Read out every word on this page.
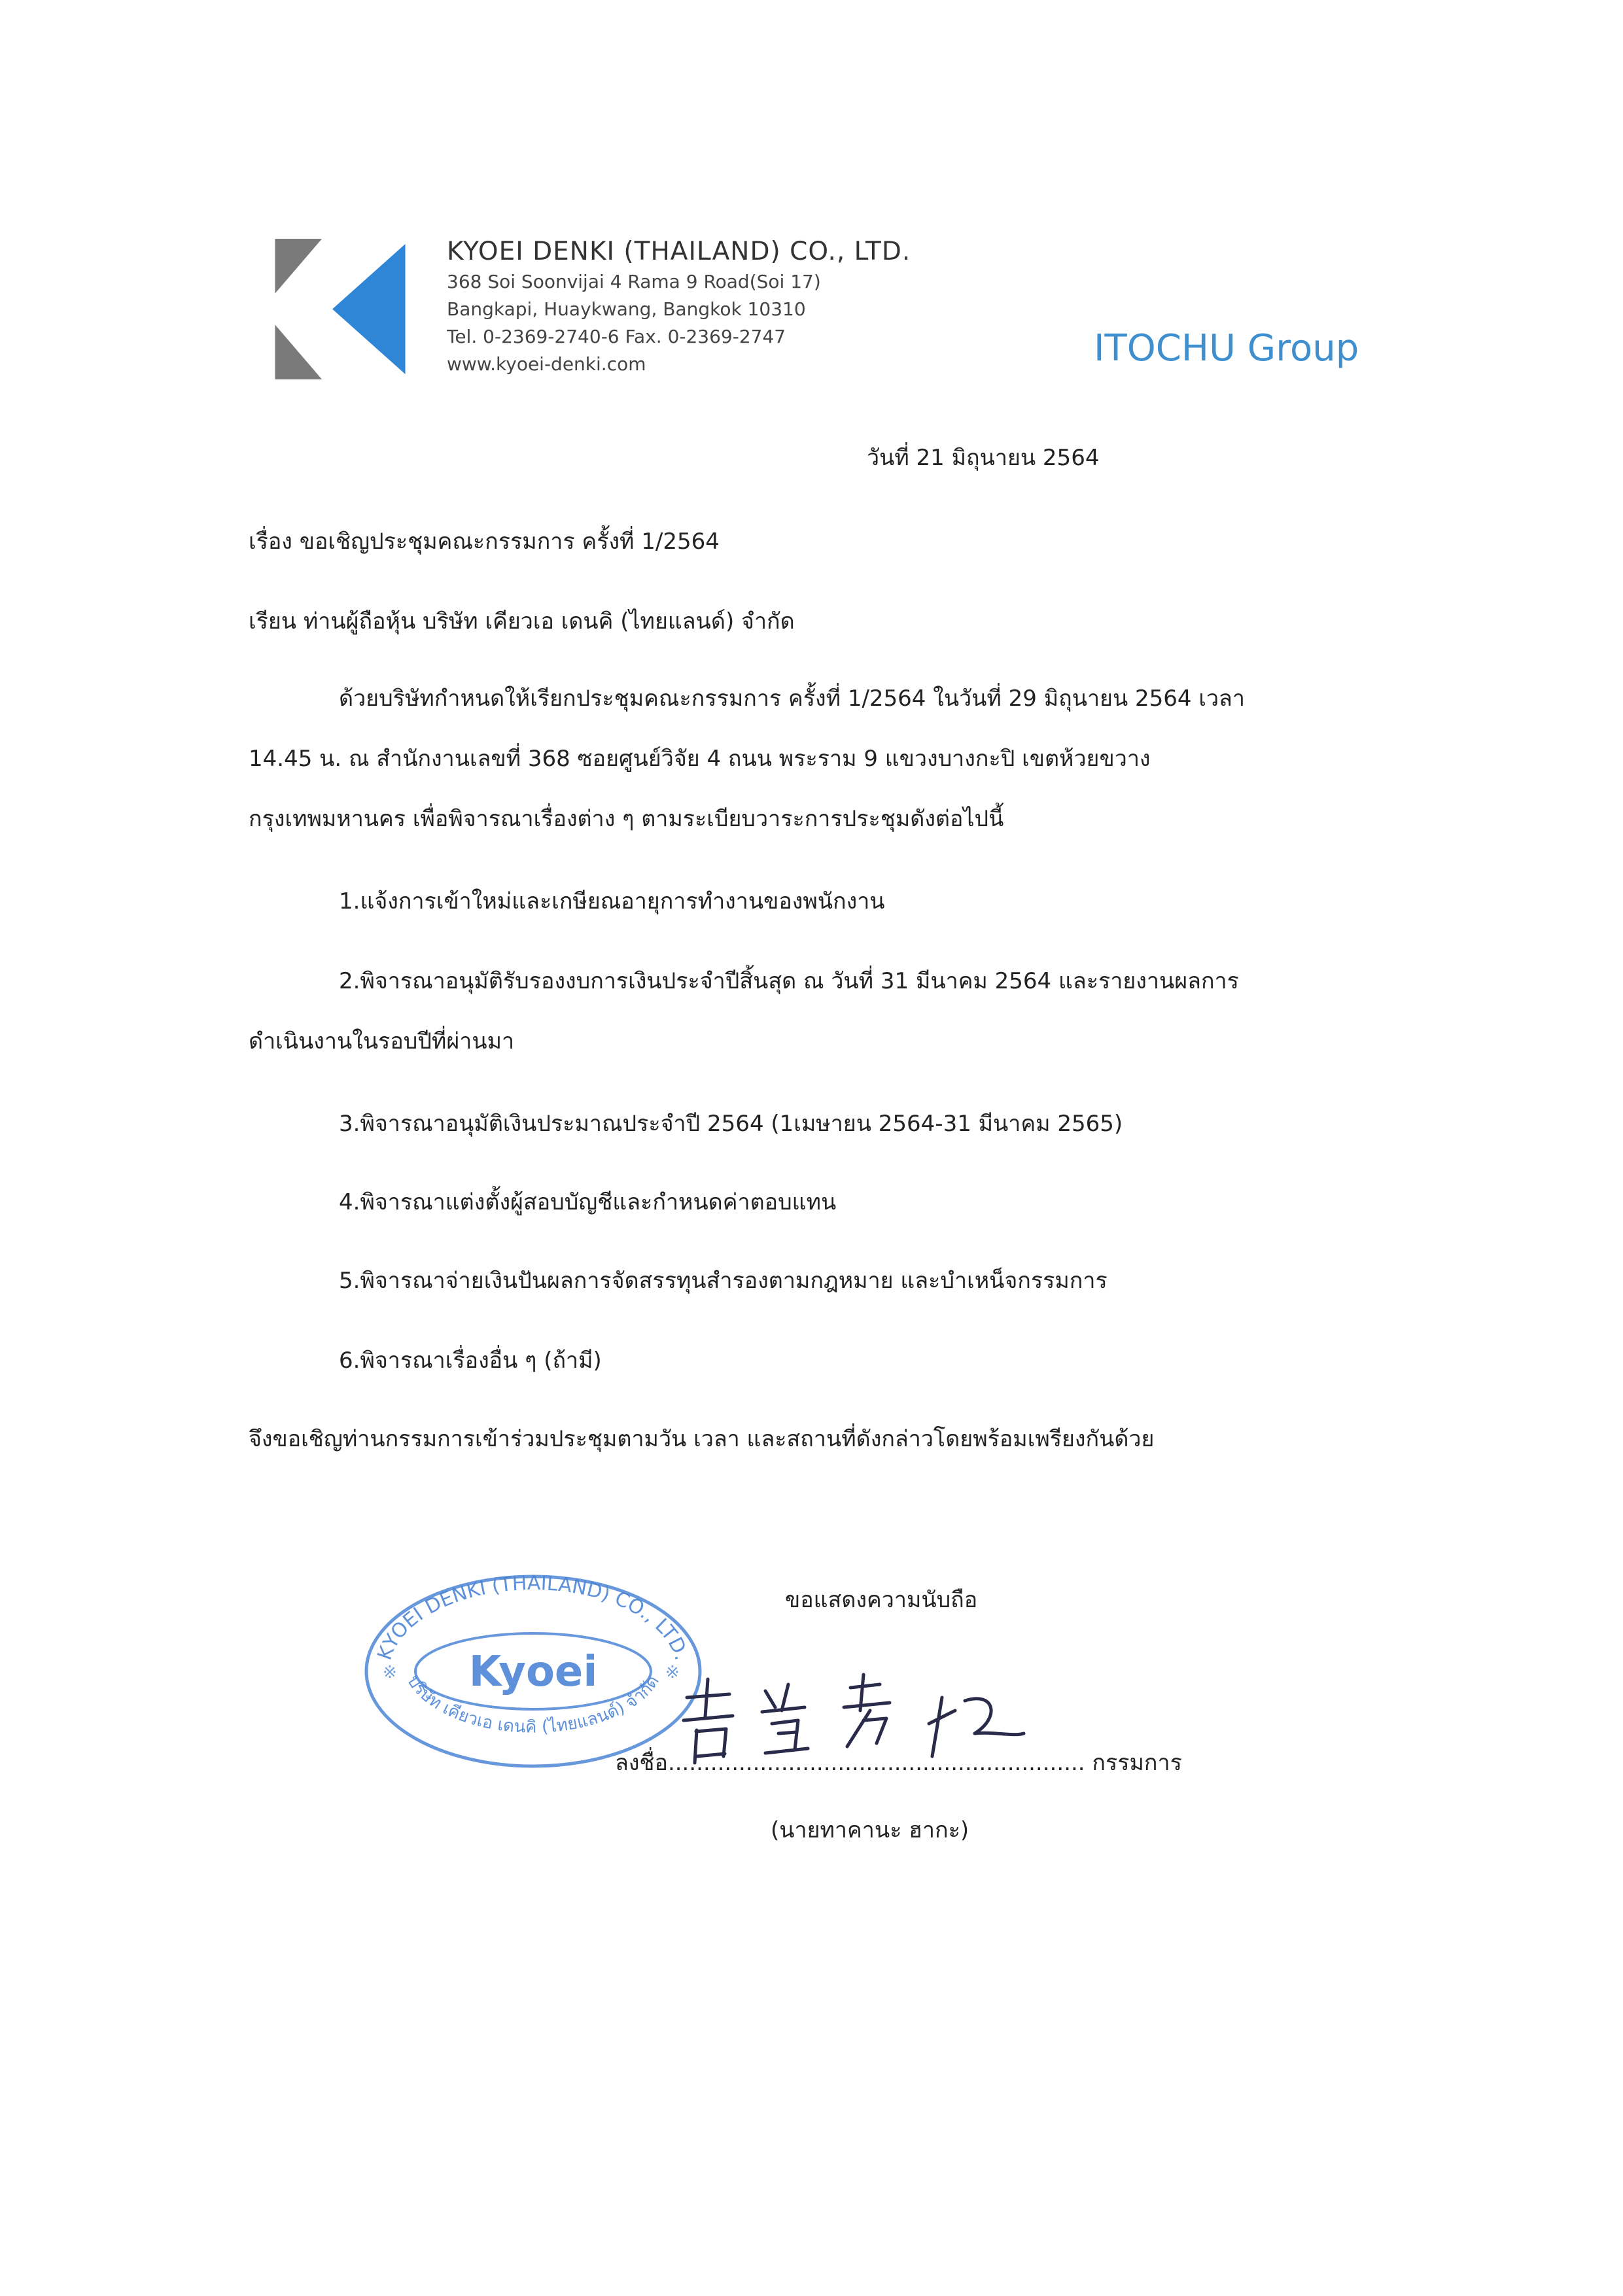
KYOEI DENKI (THAILAND) CO., LTD.
368 Soi Soonvijai 4 Rama 9 Road(Soi 17)
Bangkapi, Huaykwang, Bangkok 10310
Tel. 0-2369-2740-6 Fax. 0-2369-2747
www.kyoei-denki.com	ITOCHU Group
วันที่ 21 มิถุนายน 2564
เรื่อง ขอเชิญประชุมคณะกรรมการ ครั้งที่ 1/2564
เรียน ท่านผู้ถือหุ้น บริษัท เคียวเอ เดนคิ (ไทยแลนด์) จำกัด
ด้วยบริษัทกำหนดให้เรียกประชุมคณะกรรมการ ครั้งที่ 1/2564 ในวันที่ 29 มิถุนายน 2564 เวลา
14.45 น. ณ สำนักงานเลขที่ 368 ซอยศูนย์วิจัย 4 ถนน พระราม 9 แขวงบางกะปิ เขตห้วยขวาง
กรุงเทพมหานคร เพื่อพิจารณาเรื่องต่าง ๆ ตามระเบียบวาระการประชุมดังต่อไปนี้
1.แจ้งการเข้าใหม่และเกษียณอายุการทำงานของพนักงาน
2.พิจารณาอนุมัติรับรองงบการเงินประจำปีสิ้นสุด ณ วันที่ 31 มีนาคม 2564 และรายงานผลการ
ดำเนินงานในรอบปีที่ผ่านมา
3.พิจารณาอนุมัติเงินประมาณประจำปี 2564 (1เมษายน 2564-31 มีนาคม 2565)
4.พิจารณาแต่งตั้งผู้สอบบัญชีและกำหนดค่าตอบแทน
5.พิจารณาจ่ายเงินปันผลการจัดสรรทุนสำรองตามกฎหมาย และบำเหน็จกรรมการ
6.พิจารณาเรื่องอื่น ๆ (ถ้ามี)
จึงขอเชิญท่านกรรมการเข้าร่วมประชุมตามวัน เวลา และสถานที่ดังกล่าวโดยพร้อมเพรียงกันด้วย
ขอแสดงความนับถือ
KYOEI DENKI (THAILAND) CO., LTD.
Kyoei
บริษัท เคียวเอ เดนคิ (ไทยแลนด์) จำกัด
※	※
ลงชื่อ........................................................... กรรมการ
(นายทาคานะ ฮากะ)
